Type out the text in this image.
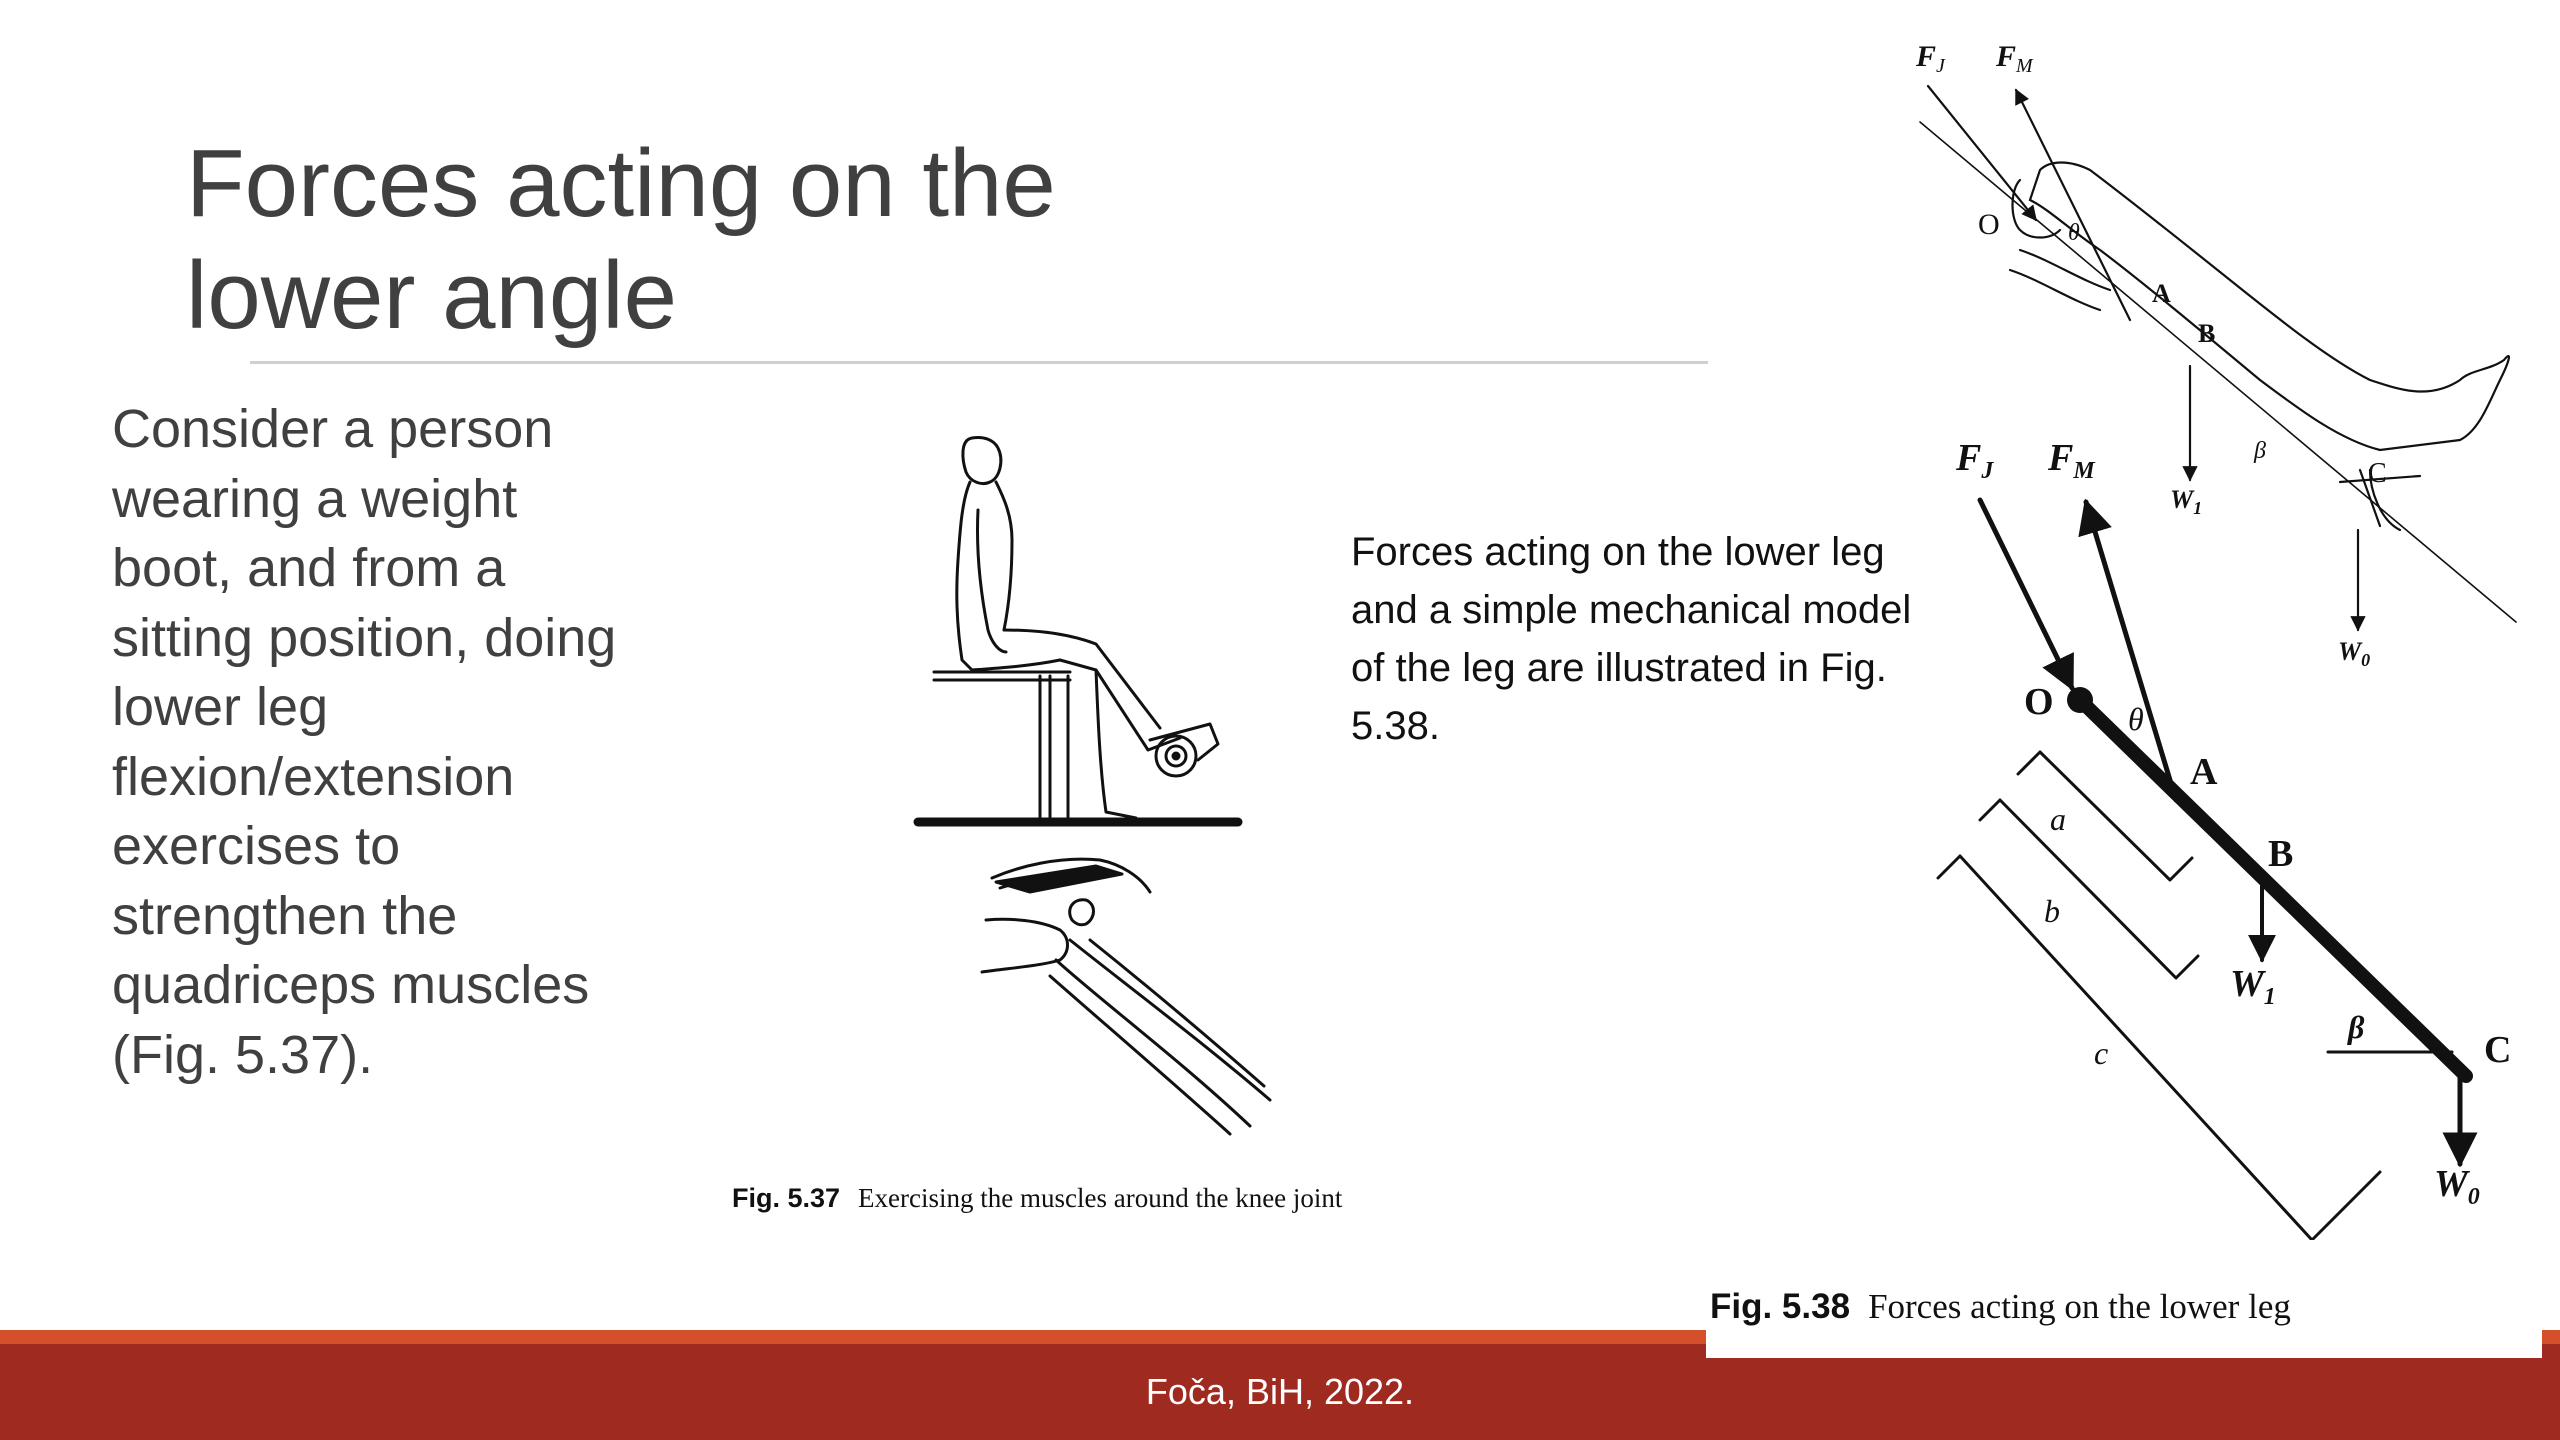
Forces acting on the
lower angle
Consider a person
wearing a weight
boot, and from a
sitting position, doing
lower leg
flexion/extension
exercises to
strengthen the
quadriceps muscles
(Fig. 5.37).
Forces acting on the lower leg
and a simple mechanical model
of the leg are illustrated in Fig.
5.38.
Fig. 5.37 Exercising the muscles around the knee joint
$F_J$ $F_M$
O	θ
A
B
β
C
$W_1$
$W_0$
$F_J$ $F_M$
O θ
A
B
$W_1$
β
C
$W_0$
a
b
c
Foča, BiH, 2022.
Fig. 5.38 Forces acting on the lower leg
